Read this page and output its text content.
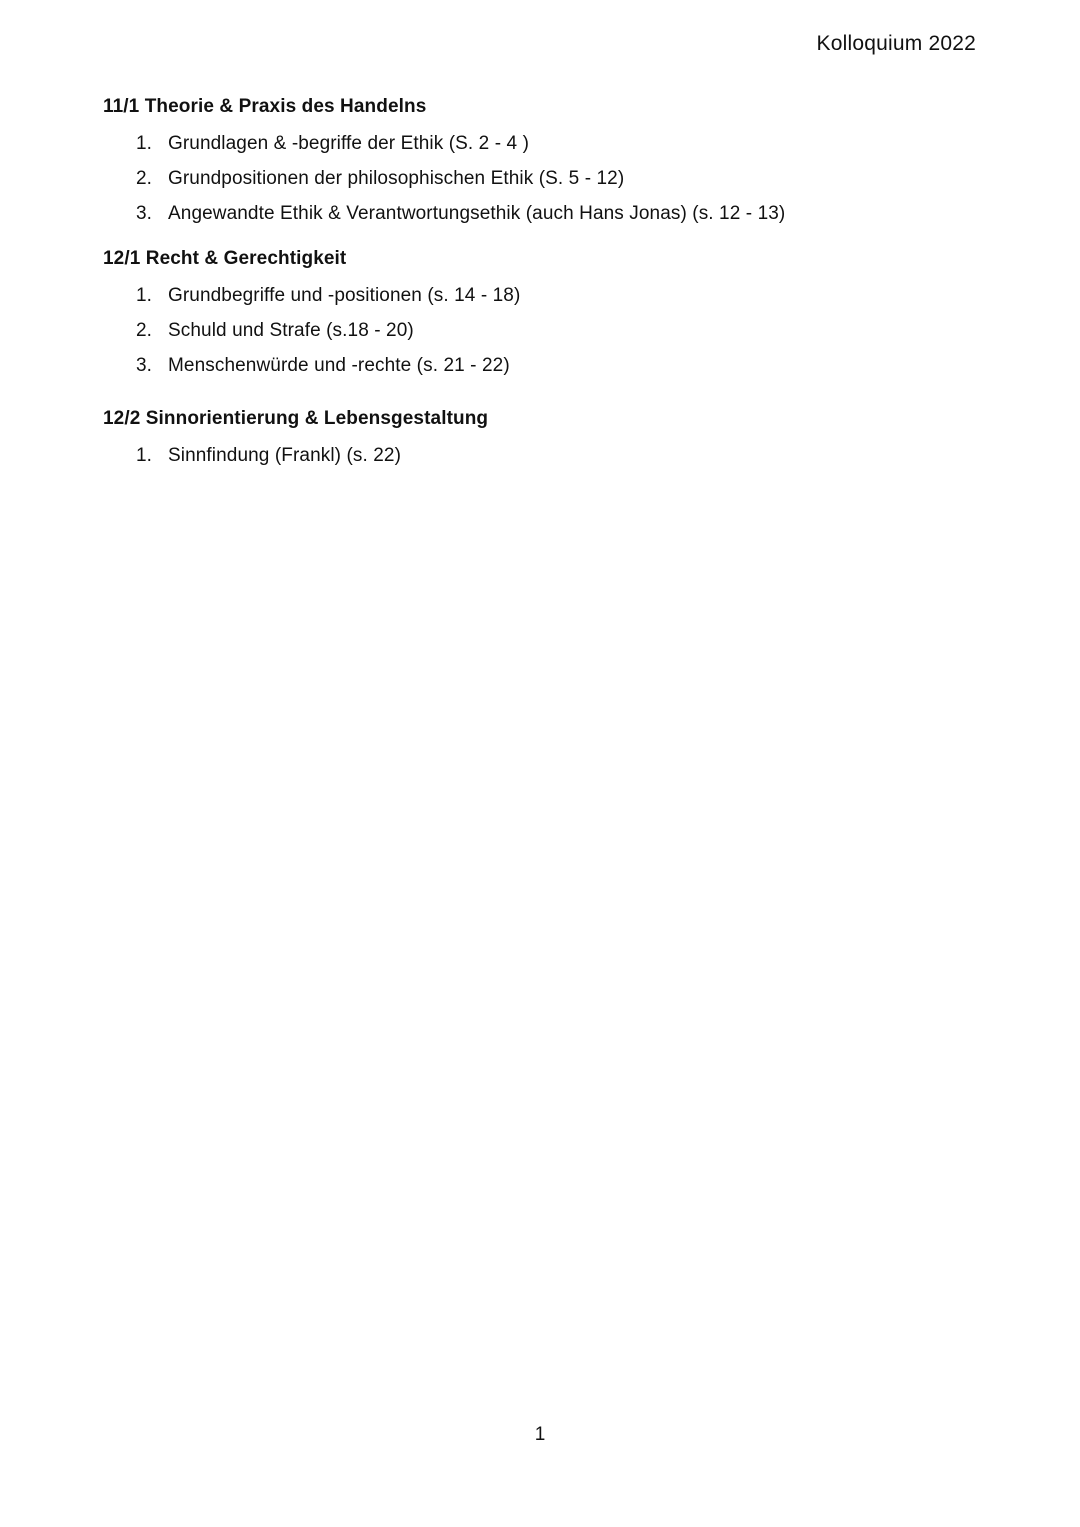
Kolloquium 2022
11/1 Theorie & Praxis des Handelns
1. Grundlagen & -begriffe der Ethik (S. 2 - 4 )
2. Grundpositionen der philosophischen Ethik (S. 5 - 12)
3. Angewandte Ethik & Verantwortungsethik (auch Hans Jonas) (s. 12 - 13)
12/1 Recht & Gerechtigkeit
1. Grundbegriffe und -positionen (s. 14 - 18)
2. Schuld und Strafe (s.18 - 20)
3. Menschenwürde und -rechte (s. 21 - 22)
12/2 Sinnorientierung & Lebensgestaltung
1. Sinnfindung (Frankl) (s. 22)
1
